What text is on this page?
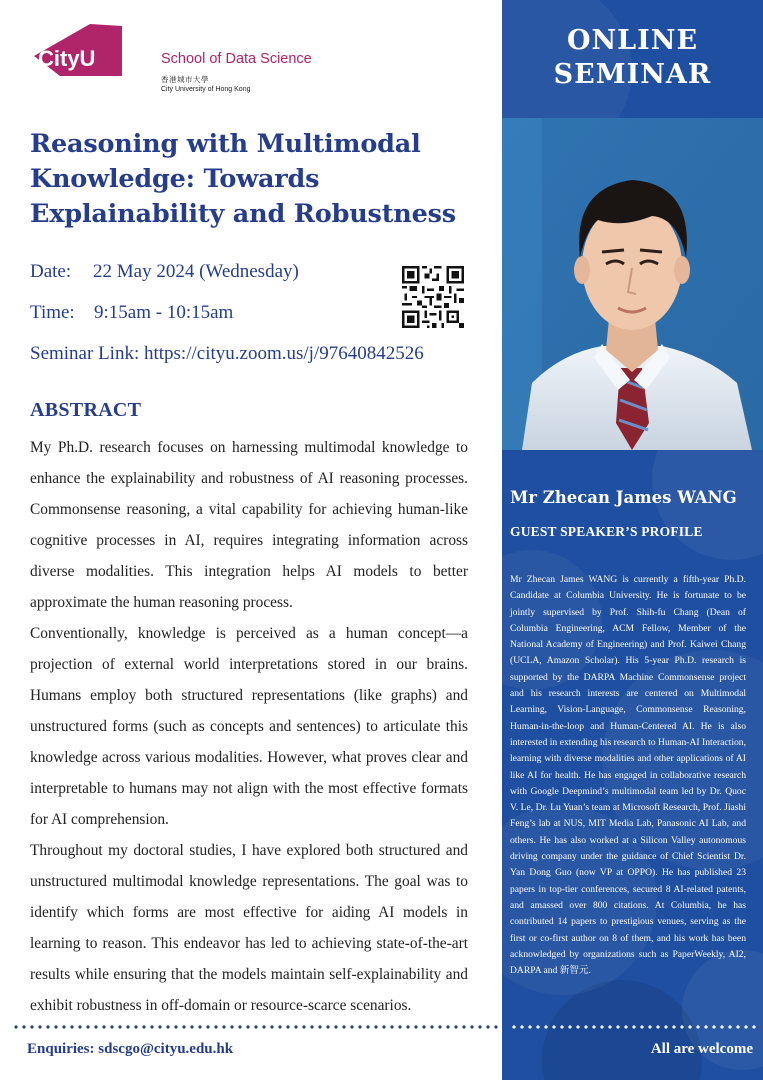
CityU	School of Data Science
香港城市大學
City University of Hong Kong
Reasoning with Multimodal Knowledge: Towards Explainability and Robustness
Date: 22 May 2024 (Wednesday)
Time: 9:15am - 10:15am
Seminar Link: https://cityu.zoom.us/j/97640842526
ABSTRACT

My Ph.D. research focuses on harnessing multimodal knowledge to enhance the explainability and robustness of AI reasoning processes. Commonsense reasoning, a vital capability for achieving human-like cognitive processes in AI, requires integrating information across diverse modalities. This integration helps AI models to better approximate the human reasoning process.

Conventionally, knowledge is perceived as a human concept—a projection of external world interpretations stored in our brains. Humans employ both structured representations (like graphs) and unstructured forms (such as concepts and sentences) to articulate this knowledge across various modalities. However, what proves clear and interpretable to humans may not align with the most effective formats for AI comprehension.

Throughout my doctoral studies, I have explored both structured and unstructured multimodal knowledge representations. The goal was to identify which forms are most effective for aiding AI models in learning to reason. This endeavor has led to achieving state-of-the-art results while ensuring that the models maintain self-explainability and exhibit robustness in off-domain or resource-scarce scenarios.

Enquiries: sdscgo@cityu.edu.hk
ONLINE
SEMINAR
Mr Zhecan James WANG
GUEST SPEAKER’S PROFILE
Mr Zhecan James WANG is currently a fifth-year Ph.D. Candidate at Columbia University. He is fortunate to be jointly supervised by Prof. Shih-fu Chang (Dean of Columbia Engineering, ACM Fellow, Member of the National Academy of Engineering) and Prof. Kaiwei Chang (UCLA, Amazon Scholar). His 5-year Ph.D. research is supported by the DARPA Machine Commonsense project and his research interests are centered on Multimodal Learning, Vision-Language, Commonsense Reasoning, Human-in-the-loop and Human-Centered AI. He is also interested in extending his research to Human-AI Interaction, learning with diverse modalities and other applications of AI like AI for health. He has engaged in collaborative research with Google Deepmind’s multimodal team led by Dr. Quoc V. Le, Dr. Lu Yuan’s team at Microsoft Research, Prof. Jiashi Feng’s lab at NUS, MIT Media Lab, Panasonic AI Lab, and others. He has also worked at a Silicon Valley autonomous driving company under the guidance of Chief Scientist Dr. Yan Dong Guo (now VP at OPPO). He has published 23 papers in top-tier conferences, secured 8 AI-related patents, and amassed over 800 citations. At Columbia, he has contributed 14 papers to prestigious venues, serving as the first or co-first author on 8 of them, and his work has been acknowledged by organizations such as PaperWeekly, AI2, DARPA and 新智元.
All are welcome
